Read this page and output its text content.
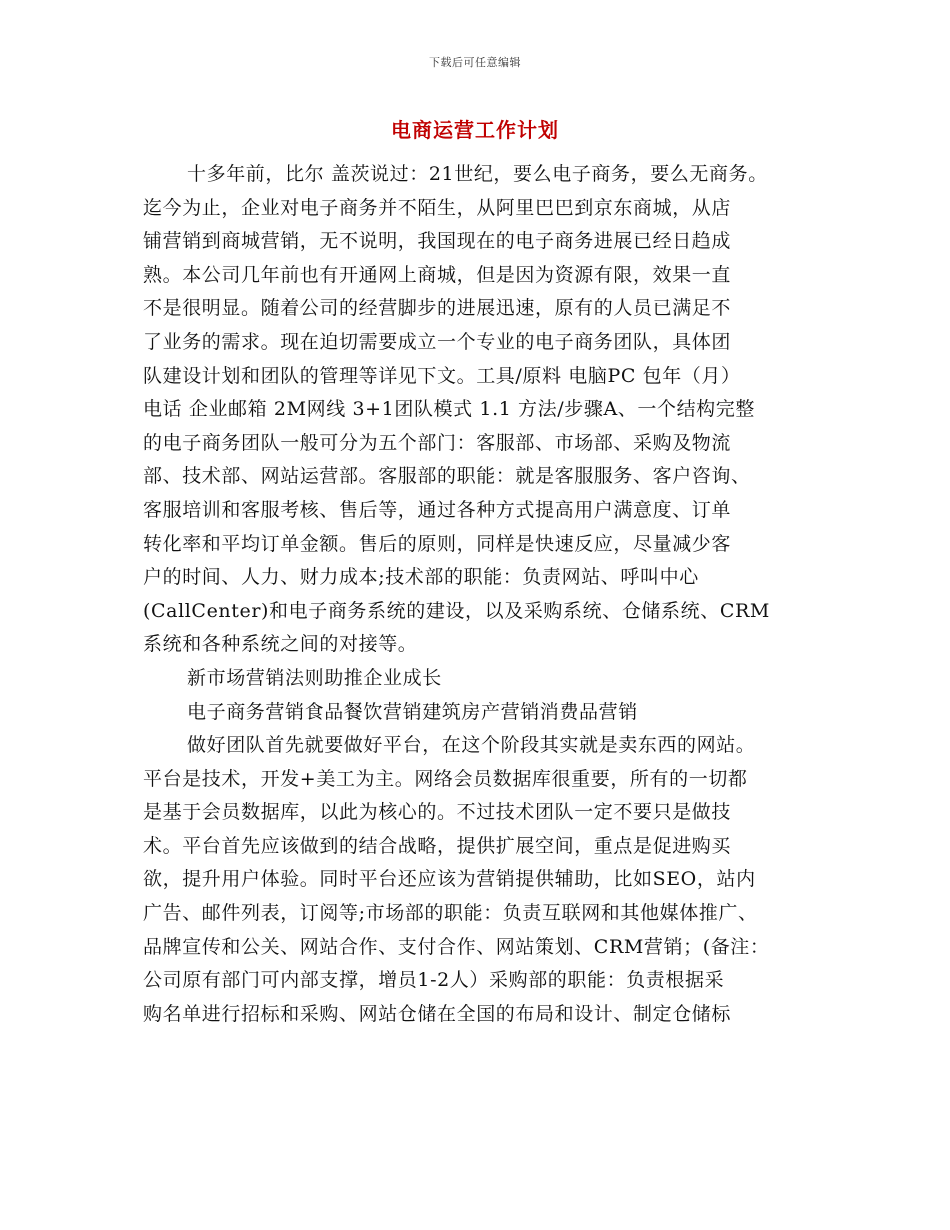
下载后可任意编辑
电商运营工作计划
十多年前，比尔 盖茨说过：21世纪，要么电子商务，要么无商务。
迄今为止，企业对电子商务并不陌生，从阿里巴巴到京东商城，从店
铺营销到商城营销，无不说明，我国现在的电子商务进展已经日趋成
熟。本公司几年前也有开通网上商城，但是因为资源有限，效果一直
不是很明显。随着公司的经营脚步的进展迅速，原有的人员已满足不
了业务的需求。现在迫切需要成立一个专业的电子商务团队，具体团
队建设计划和团队的管理等详见下文。工具/原料 电脑PC 包年（月）
电话 企业邮箱 2M网线 3+1团队模式 1.1 方法/步骤A、一个结构完整
的电子商务团队一般可分为五个部门：客服部、市场部、采购及物流
部、技术部、网站运营部。客服部的职能：就是客服服务、客户咨询、
客服培训和客服考核、售后等，通过各种方式提高用户满意度、订单
转化率和平均订单金额。售后的原则，同样是快速反应，尽量减少客
户的时间、人力、财力成本;技术部的职能：负责网站、呼叫中心
(CallCenter)和电子商务系统的建设，以及采购系统、仓储系统、CRM
系统和各种系统之间的对接等。
新市场营销法则助推企业成长
电子商务营销食品餐饮营销建筑房产营销消费品营销
做好团队首先就要做好平台，在这个阶段其实就是卖东西的网站。
平台是技术，开发+美工为主。网络会员数据库很重要，所有的一切都
是基于会员数据库，以此为核心的。不过技术团队一定不要只是做技
术。平台首先应该做到的结合战略，提供扩展空间，重点是促进购买
欲，提升用户体验。同时平台还应该为营销提供辅助，比如SEO，站内
广告、邮件列表，订阅等;市场部的职能：负责互联网和其他媒体推广、
品牌宣传和公关、网站合作、支付合作、网站策划、CRM营销；(备注：
公司原有部门可内部支撑，增员1-2人）采购部的职能：负责根据采
购名单进行招标和采购、网站仓储在全国的布局和设计、制定仓储标
